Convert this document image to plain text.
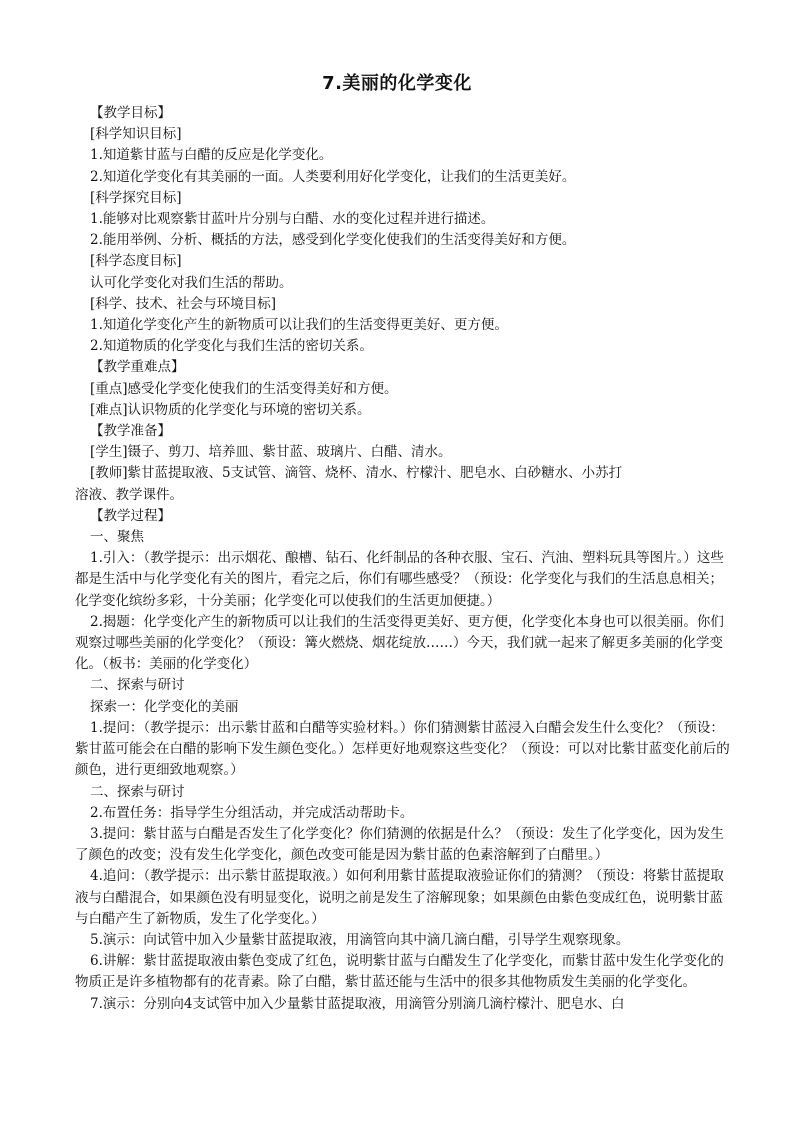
7.美丽的化学变化

【教学目标】

[科学知识目标]

1.知道紫甘蓝与白醋的反应是化学变化。

2.知道化学变化有其美丽的一面。人类要利用好化学变化，让我们的生活更美好。

[科学探究目标]

1.能够对比观察紫甘蓝叶片分别与白醋、水的变化过程并进行描述。

2.能用举例、分析、概括的方法，感受到化学变化使我们的生活变得美好和方便。

[科学态度目标]

认可化学变化对我们生活的帮助。

[科学、技术、社会与环境目标]

1.知道化学变化产生的新物质可以让我们的生活变得更美好、更方便。

2.知道物质的化学变化与我们生活的密切关系。

【教学重难点】

[重点]感受化学变化使我们的生活变得美好和方便。

[难点]认识物质的化学变化与环境的密切关系。

【教学准备】

[学生]镊子、剪刀、培养皿、紫甘蓝、玻璃片、白醋、清水。

[教师]紫甘蓝提取液、5支试管、滴管、烧杯、清水、柠檬汁、肥皂水、白砂糖水、小苏打

溶液、教学课件。

【教学过程】

一、聚焦

1.引入：（教学提示：出示烟花、酿槽、钻石、化纤制品的各种衣服、宝石、汽油、塑料玩具等图片。）这些都是生活中与化学变化有关的图片，看完之后，你们有哪些感受？（预设：化学变化与我们的生活息息相关；化学变化缤纷多彩，十分美丽；化学变化可以使我们的生活更加便捷。）

2.揭题：化学变化产生的新物质可以让我们的生活变得更美好、更方便，化学变化本身也可以很美丽。你们观察过哪些美丽的化学变化？（预设：篝火燃烧、烟花绽放……）今天，我们就一起来了解更多美丽的化学变化。（板书：美丽的化学变化）

二、探索与研讨

探索一：化学变化的美丽

1.提问：（教学提示：出示紫甘蓝和白醋等实验材料。）你们猜测紫甘蓝浸入白醋会发生什么变化？（预设：紫甘蓝可能会在白醋的影响下发生颜色变化。）怎样更好地观察这些变化？（预设：可以对比紫甘蓝变化前后的颜色，进行更细致地观察。）

二、探索与研讨

2.布置任务：指导学生分组活动，并完成活动帮助卡。

3.提问：紫甘蓝与白醋是否发生了化学变化？你们猜测的依据是什么？（预设：发生了化学变化，因为发生了颜色的改变；没有发生化学变化，颜色改变可能是因为紫甘蓝的色素溶解到了白醋里。）

4.追问：（教学提示：出示紫甘蓝提取液。）如何利用紫甘蓝提取液验证你们的猜测？（预设：将紫甘蓝提取液与白醋混合，如果颜色没有明显变化，说明之前是发生了溶解现象；如果颜色由紫色变成红色，说明紫甘蓝与白醋产生了新物质，发生了化学变化。）

5.演示：向试管中加入少量紫甘蓝提取液，用滴管向其中滴几滴白醋，引导学生观察现象。

6.讲解：紫甘蓝提取液由紫色变成了红色，说明紫甘蓝与白醋发生了化学变化，而紫甘蓝中发生化学变化的物质正是许多植物都有的花青素。除了白醋，紫甘蓝还能与生活中的很多其他物质发生美丽的化学变化。

7.演示：分别向4支试管中加入少量紫甘蓝提取液，用滴管分别滴几滴柠檬汁、肥皂水、白
